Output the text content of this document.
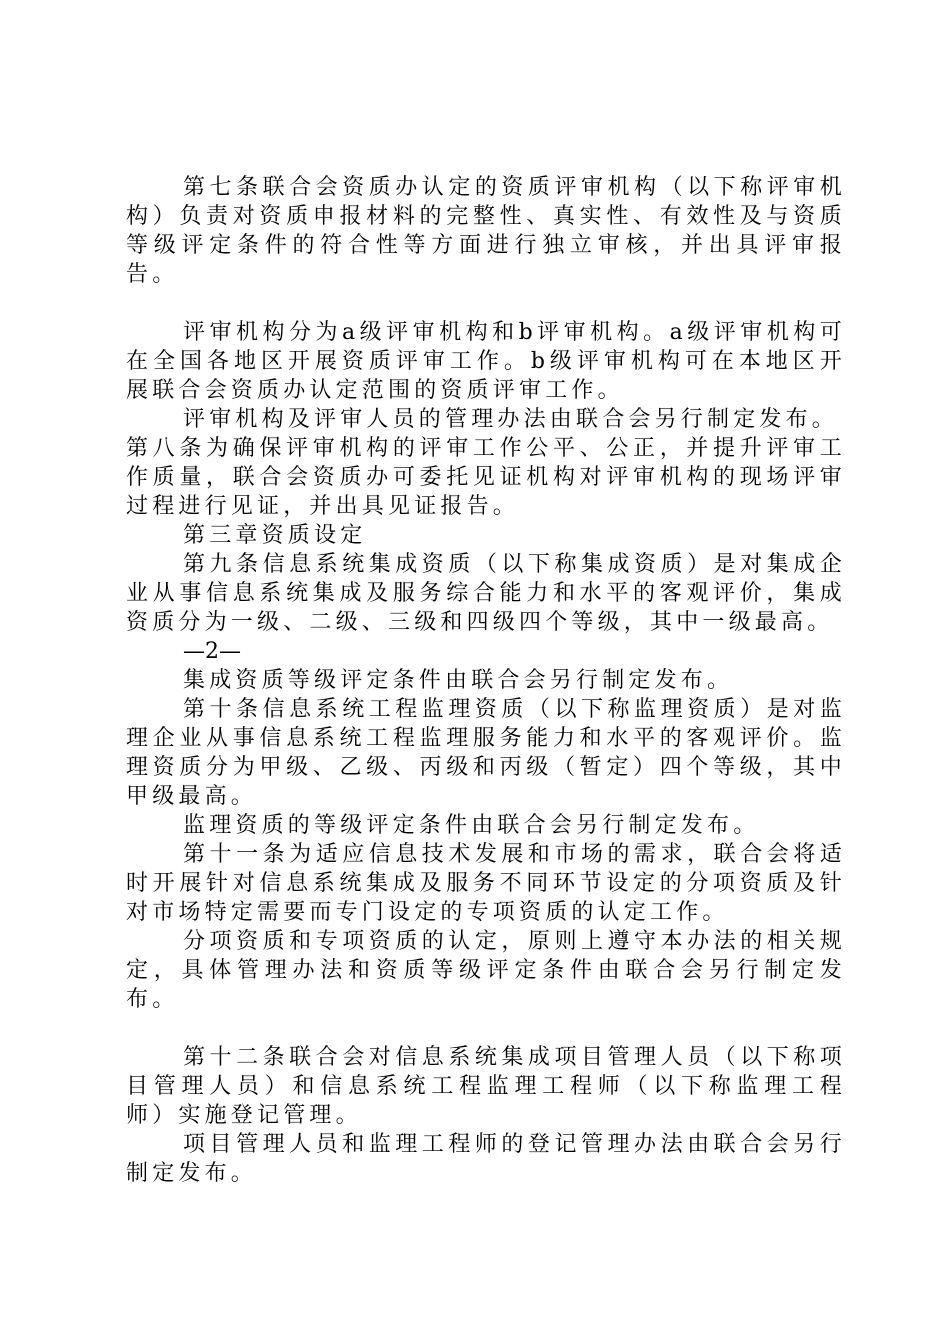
第七条联合会资质办认定的资质评审机构（以下称评审机构）负责对资质申报材料的完整性、真实性、有效性及与资质等级评定条件的符合性等方面进行独立审核，并出具评审报告。

评审机构分为a级评审机构和b评审机构。a级评审机构可在全国各地区开展资质评审工作。b级评审机构可在本地区开展联合会资质办认定范围的资质评审工作。

评审机构及评审人员的管理办法由联合会另行制定发布。

第八条为确保评审机构的评审工作公平、公正，并提升评审工作质量，联合会资质办可委托见证机构对评审机构的现场评审过程进行见证，并出具见证报告。

第三章资质设定

第九条信息系统集成资质（以下称集成资质）是对集成企业从事信息系统集成及服务综合能力和水平的客观评价，集成资质分为一级、二级、三级和四级四个等级，其中一级最高。

—2—

集成资质等级评定条件由联合会另行制定发布。

第十条信息系统工程监理资质（以下称监理资质）是对监理企业从事信息系统工程监理服务能力和水平的客观评价。监理资质分为甲级、乙级、丙级和丙级（暂定）四个等级，其中甲级最高。

监理资质的等级评定条件由联合会另行制定发布。

第十一条为适应信息技术发展和市场的需求，联合会将适时开展针对信息系统集成及服务不同环节设定的分项资质及针对市场特定需要而专门设定的专项资质的认定工作。

分项资质和专项资质的认定，原则上遵守本办法的相关规定，具体管理办法和资质等级评定条件由联合会另行制定发布。

第十二条联合会对信息系统集成项目管理人员（以下称项目管理人员）和信息系统工程监理工程师（以下称监理工程师）实施登记管理。

项目管理人员和监理工程师的登记管理办法由联合会另行制定发布。
